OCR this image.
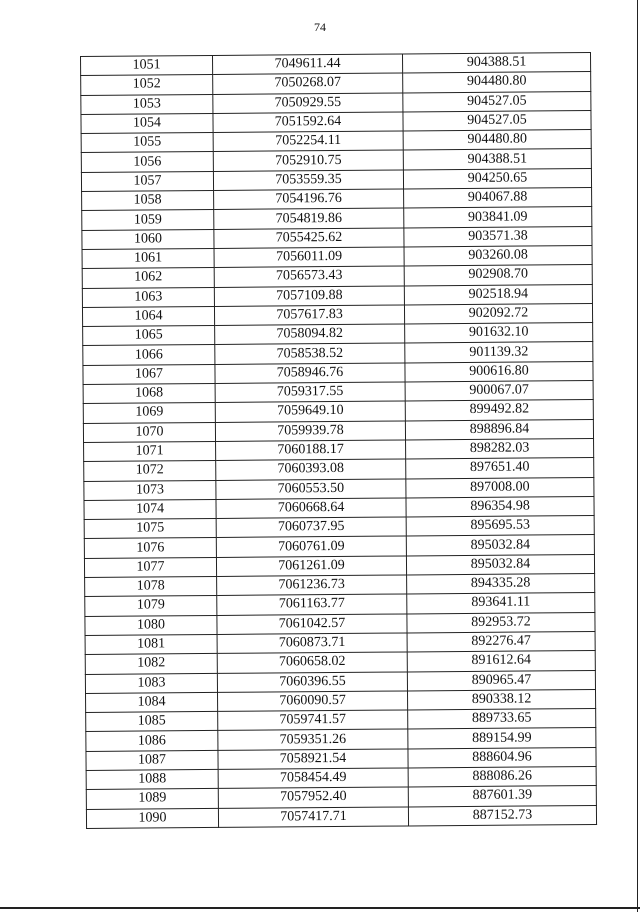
74
1051	7049611.44	904388.51
1052	7050268.07	904480.80
1053	7050929.55	904527.05
1054	7051592.64	904527.05
1055	7052254.11	904480.80
1056	7052910.75	904388.51
1057	7053559.35	904250.65
1058	7054196.76	904067.88
1059	7054819.86	903841.09
1060	7055425.62	903571.38
1061	7056011.09	903260.08
1062	7056573.43	902908.70
1063	7057109.88	902518.94
1064	7057617.83	902092.72
1065	7058094.82	901632.10
1066	7058538.52	901139.32
1067	7058946.76	900616.80
1068	7059317.55	900067.07
1069	7059649.10	899492.82
1070	7059939.78	898896.84
1071	7060188.17	898282.03
1072	7060393.08	897651.40
1073	7060553.50	897008.00
1074	7060668.64	896354.98
1075	7060737.95	895695.53
1076	7060761.09	895032.84
1077	7061261.09	895032.84
1078	7061236.73	894335.28
1079	7061163.77	893641.11
1080	7061042.57	892953.72
1081	7060873.71	892276.47
1082	7060658.02	891612.64
1083	7060396.55	890965.47
1084	7060090.57	890338.12
1085	7059741.57	889733.65
1086	7059351.26	889154.99
1087	7058921.54	888604.96
1088	7058454.49	888086.26
1089	7057952.40	887601.39
1090	7057417.71	887152.73
